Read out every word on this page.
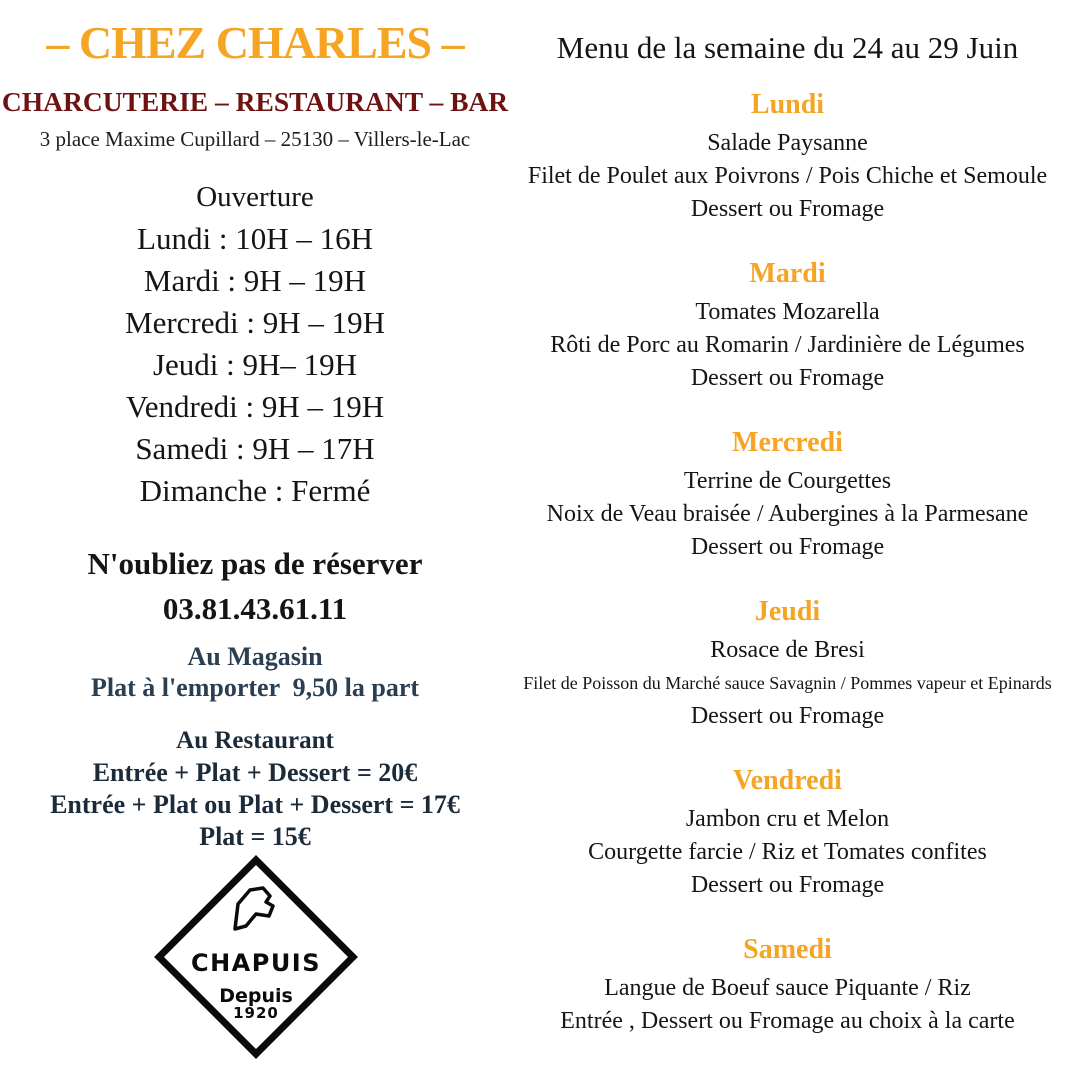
– CHEZ CHARLES –
CHARCUTERIE – RESTAURANT – BAR
3 place Maxime Cupillard – 25130 – Villers-le-Lac
Ouverture
Lundi : 10H – 16H
Mardi : 9H – 19H
Mercredi : 9H – 19H
Jeudi : 9H– 19H
Vendredi : 9H – 19H
Samedi : 9H – 17H
Dimanche : Fermé
N'oubliez pas de réserver
03.81.43.61.11
Au Magasin
Plat à l'emporter  9,50 la part
Au Restaurant
Entrée + Plat + Dessert = 20€
Entrée + Plat ou Plat + Dessert = 17€
Plat = 15€
CHAPUIS
Depuis
1920
Menu de la semaine du 24 au 29 Juin
Lundi
Salade Paysanne
Filet de Poulet aux Poivrons / Pois Chiche et Semoule
Dessert ou Fromage
Mardi
Tomates Mozarella
Rôti de Porc au Romarin / Jardinière de Légumes
Dessert ou Fromage
Mercredi
Terrine de Courgettes
Noix de Veau braisée / Aubergines à la Parmesane
Dessert ou Fromage
Jeudi
Rosace de Bresi
Filet de Poisson du Marché sauce Savagnin / Pommes vapeur et Epinards
Dessert ou Fromage
Vendredi
Jambon cru et Melon
Courgette farcie / Riz et Tomates confites
Dessert ou Fromage
Samedi
Langue de Boeuf sauce Piquante / Riz
Entrée , Dessert ou Fromage au choix à la carte
